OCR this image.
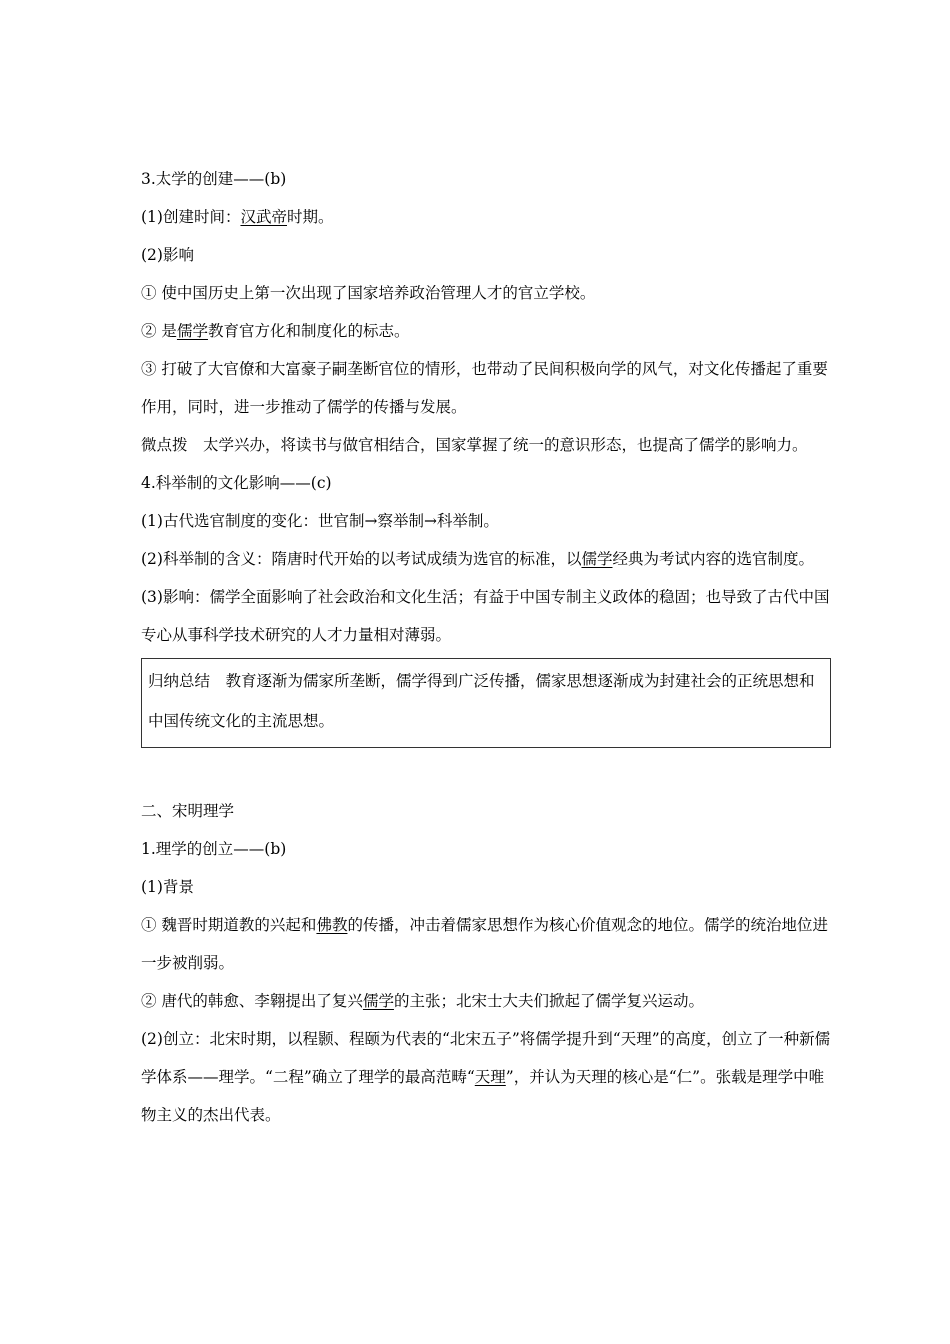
3.太学的创建——(b)
(1)创建时间：汉武帝时期。
(2)影响
① 使中国历史上第一次出现了国家培养政治管理人才的官立学校。
② 是儒学教育官方化和制度化的标志。
③ 打破了大官僚和大富豪子嗣垄断官位的情形，也带动了民间积极向学的风气，对文化传播起了重要作用，同时，进一步推动了儒学的传播与发展。
微点拨　太学兴办，将读书与做官相结合，国家掌握了统一的意识形态，也提高了儒学的影响力。
4.科举制的文化影响——(c)
(1)古代选官制度的变化：世官制→察举制→科举制。
(2)科举制的含义：隋唐时代开始的以考试成绩为选官的标准，以儒学经典为考试内容的选官制度。
(3)影响：儒学全面影响了社会政治和文化生活；有益于中国专制主义政体的稳固；也导致了古代中国专心从事科学技术研究的人才力量相对薄弱。
归纳总结　教育逐渐为儒家所垄断，儒学得到广泛传播，儒家思想逐渐成为封建社会的正统思想和中国传统文化的主流思想。
二、宋明理学
1.理学的创立——(b)
(1)背景
① 魏晋时期道教的兴起和佛教的传播，冲击着儒家思想作为核心价值观念的地位。儒学的统治地位进一步被削弱。
② 唐代的韩愈、李翱提出了复兴儒学的主张；北宋士大夫们掀起了儒学复兴运动。
(2)创立：北宋时期，以程颢、程颐为代表的“北宋五子”将儒学提升到“天理”的高度，创立了一种新儒学体系——理学。“二程”确立了理学的最高范畴“天理”，并认为天理的核心是“仁”。张载是理学中唯物主义的杰出代表。
